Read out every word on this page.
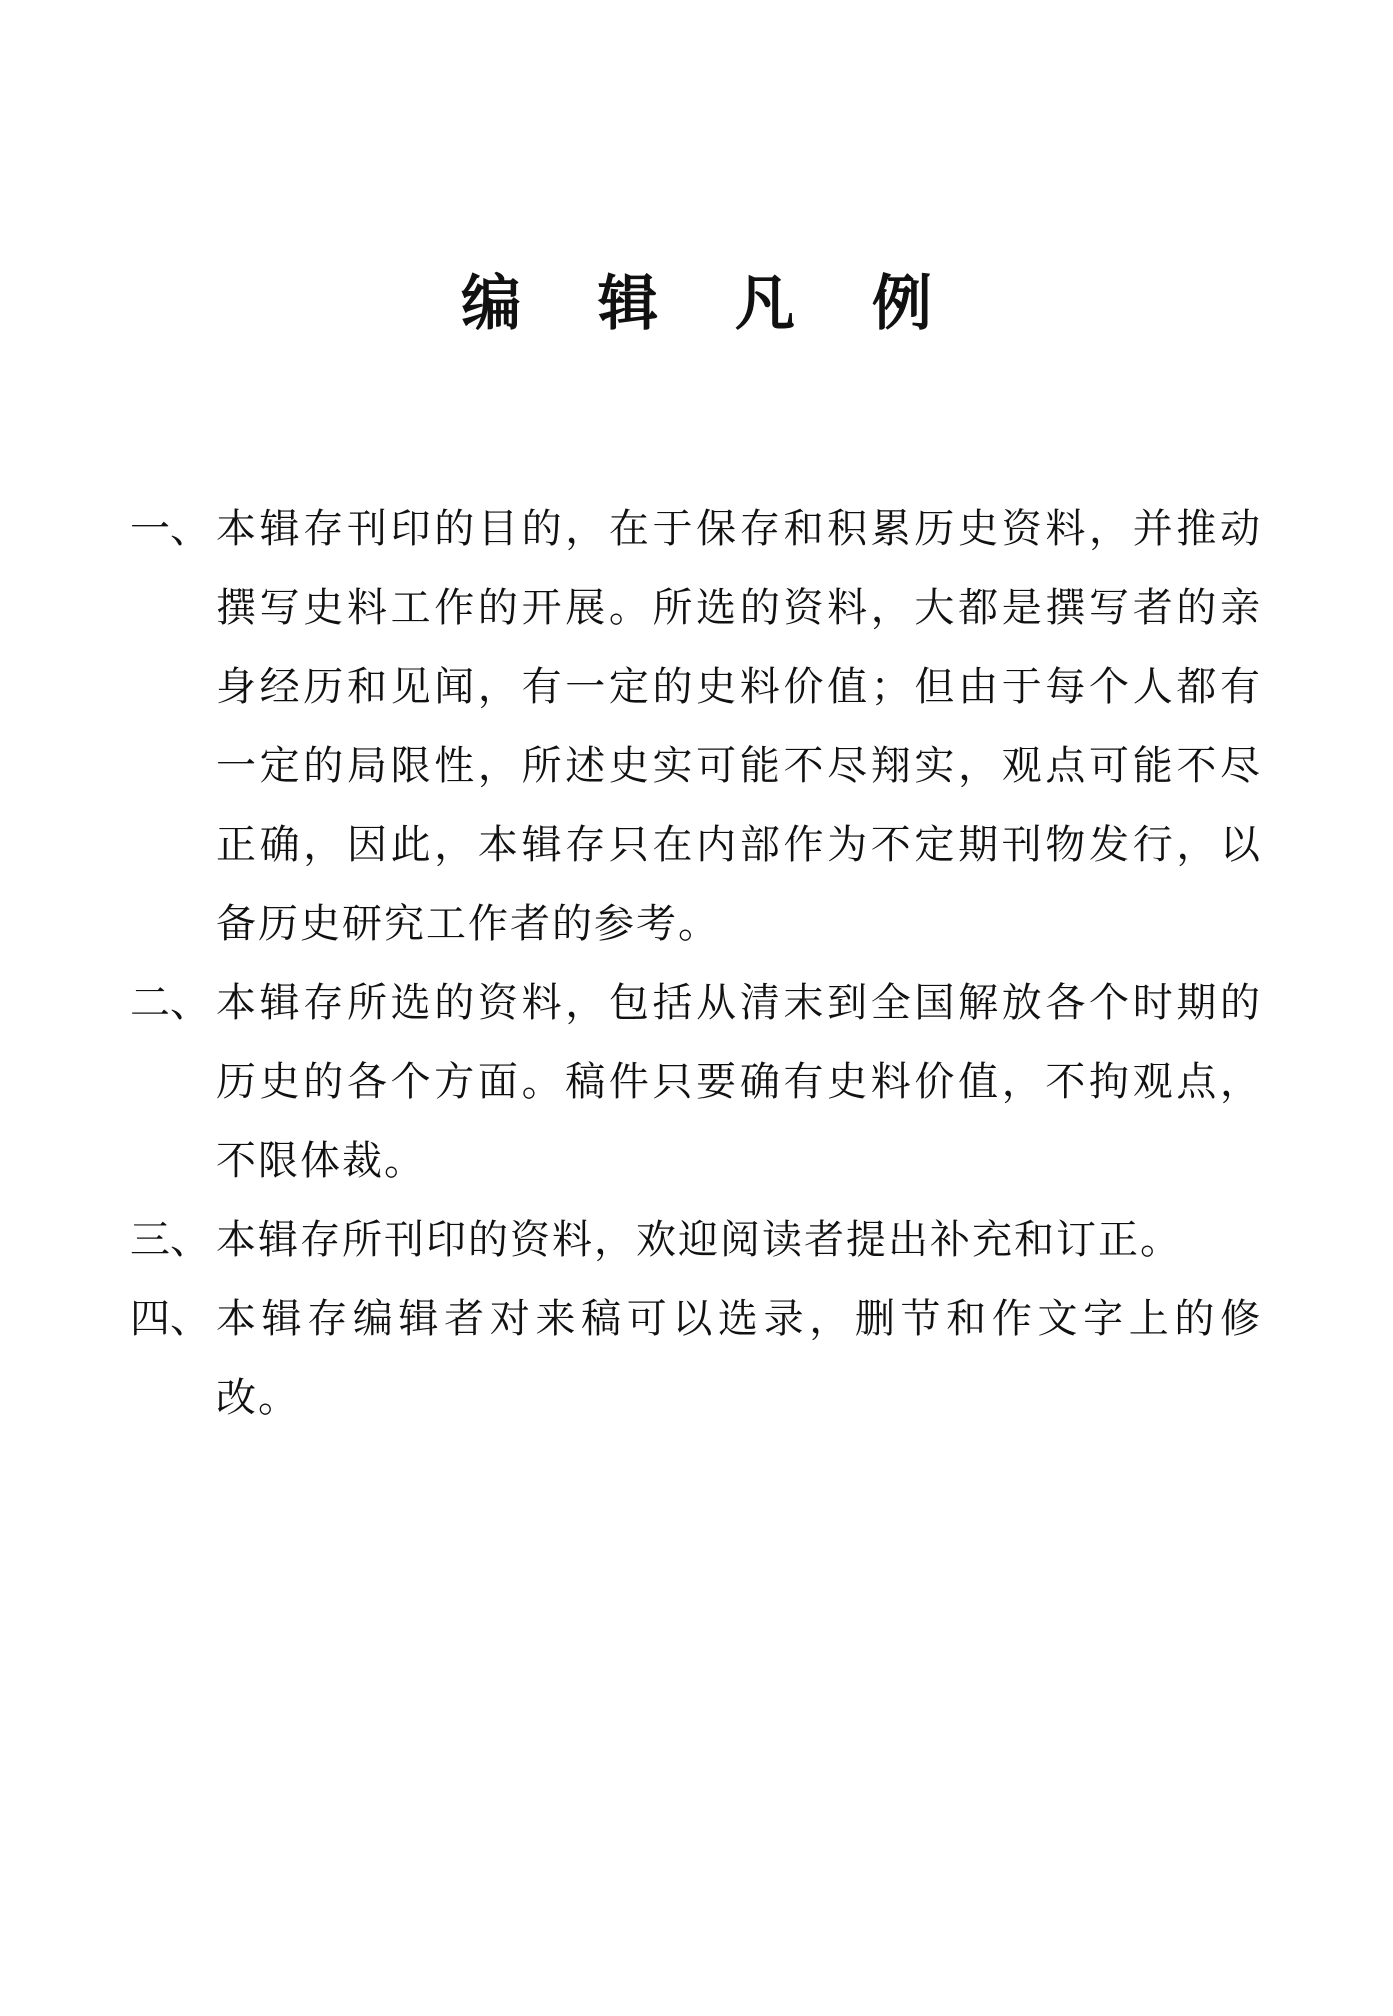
编 辑 凡 例
一、 本辑存刊印的目的，在于保存和积累历史资料，并推动撰写史料工作的开展。所选的资料，大都是撰写者的亲身经历和见闻，有一定的史料价值；但由于每个人都有一定的局限性，所述史实可能不尽翔实，观点可能不尽正确，因此，本辑存只在内部作为不定期刊物发行，以备历史研究工作者的参考。
二、 本辑存所选的资料，包括从清末到全国解放各个时期的历史的各个方面。稿件只要确有史料价值，不拘观点，不限体裁。
三、 本辑存所刊印的资料，欢迎阅读者提出补充和订正。
四、 本辑存编辑者对来稿可以选录，删节和作文字上的修改。
